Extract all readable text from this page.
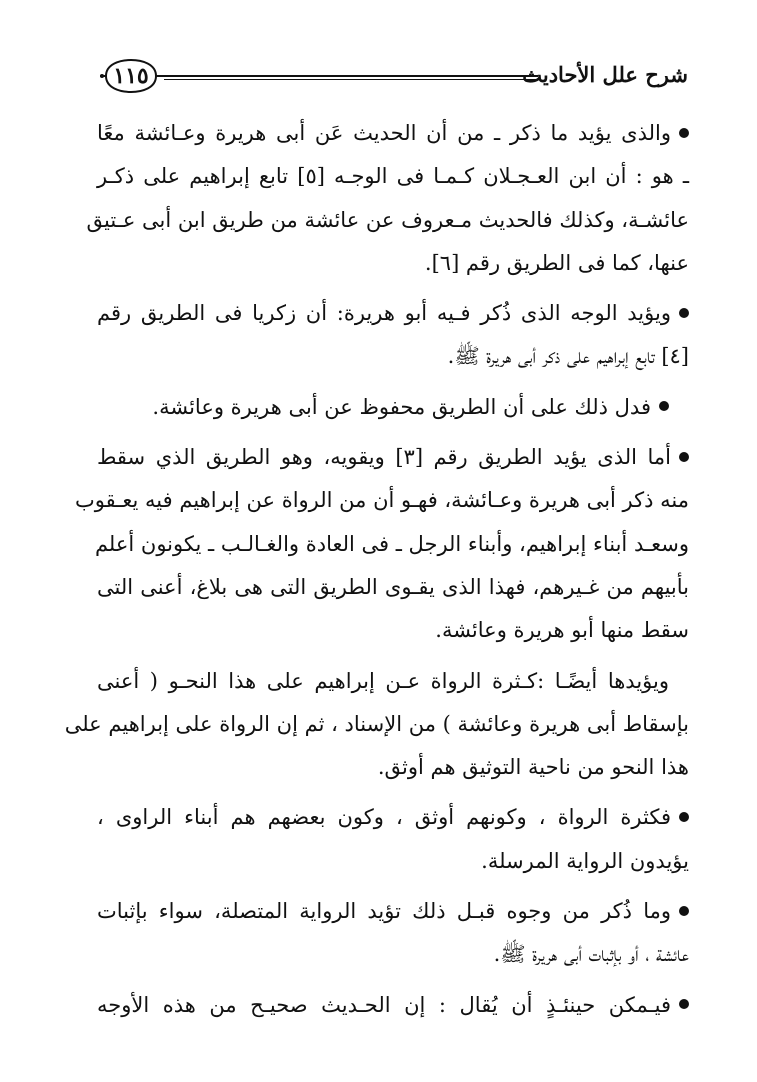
شرح علل الأحاديث
١١٥
والذى يؤيد ما ذكر ـ من أن الحديث عَن أبى هريرة وعـائشة معًا
ـ هو : أن ابن العـجـلان كـمـا فى الوجـه [٥] تابع إبراهيم على ذكـر
عائشـة، وكذلك فالحديث مـعروف عن عائشة من طريق ابن أبى عـتيق
عنها، كما فى الطريق رقم [٦].
ويؤيد الوجه الذى ذُكر فـيه أبو هريرة: أن زكريا فى الطريق رقم
[٤] تابع إبراهيم على ذكر أبى هريرة ﷺ.
فدل ذلك على أن الطريق محفوظ عن أبى هريرة وعائشة.
أما الذى يؤيد الطريق رقم [٣] ويقويه، وهو الطريق الذي سقط
منه ذكر أبى هريرة وعـائشة، فهـو أن من الرواة عن إبراهيم فيه يعـقوب
وسعـد أبناء إبراهيم، وأبناء الرجل ـ فى العادة والغـالـب ـ يكونون أعلم
بأبيهم من غـيرهم، فهذا الذى يقـوى الطريق التى هى بلاغ، أعنى التى
سقط منها أبو هريرة وعائشة.
ويؤيدها أيضًـا :كـثرة الرواة عـن إبراهيم على هذا النحـو ( أعنى
بإسقاط أبى هريرة وعائشة ) من الإسناد ، ثم إن الرواة على إبراهيم على
هذا النحو من ناحية التوثيق هم أوثق.
فكثرة الرواة ، وكونهم أوثق ، وكون بعضهم هم أبناء الراوى ،
يؤيدون الرواية المرسلة.
وما ذُكر من وجوه قبـل ذلك تؤيد الرواية المتصلة، سواء بإثبات
عائشة ، أو بإثبات أبى هريرة ﷺ.
فيـمكن حينئـذٍ أن يُقال : إن الحـديث صحيـح من هذه الأوجه
